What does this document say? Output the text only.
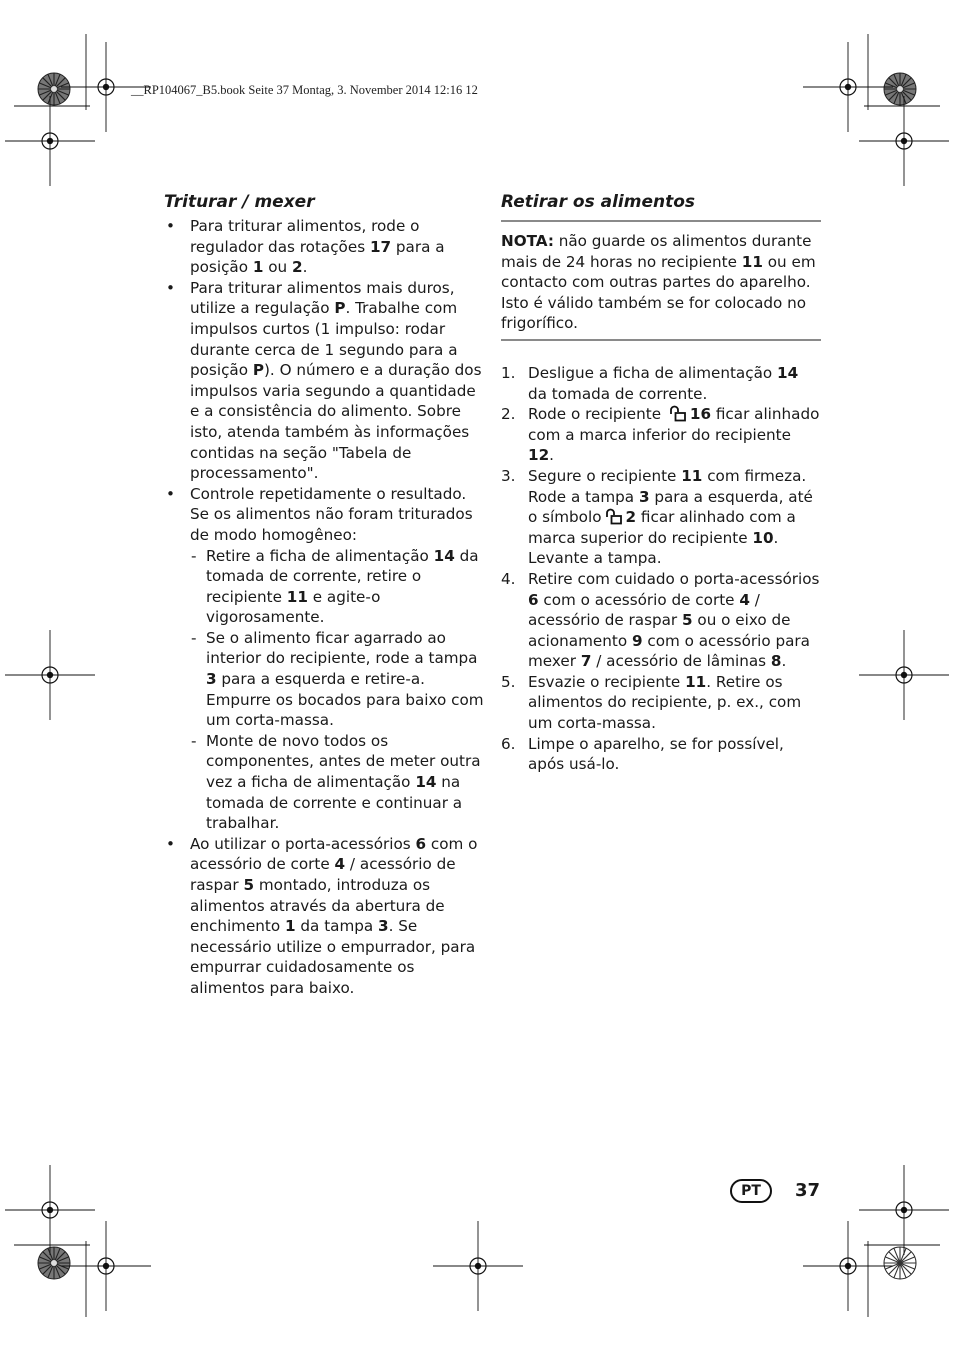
__RP104067_B5.book Seite 37 Montag, 3. November 2014 12:16 12
Triturar / mexer
• Para triturar alimentos, rode o regulador das rotações 17 para a posição 1 ou 2.
• Para triturar alimentos mais duros, utilize a regulação P. Trabalhe com impulsos curtos (1 impulso: rodar durante cerca de 1 segundo para a posição P). O número e a duração dos impulsos varia segundo a quantidade e a consistência do alimento. Sobre isto, atenda também às informações contidas na seção "Tabela de processamento".
• Controle repetidamente o resultado. Se os alimentos não foram triturados de modo homogêneo:
- Retire a ficha de alimentação 14 da tomada de corrente, retire o recipiente 11 e agite-o vigorosamente.
- Se o alimento ficar agarrado ao interior do recipiente, rode a tampa 3 para a esquerda e retire-a. Empurre os bocados para baixo com um corta-massa.
- Monte de novo todos os componentes, antes de meter outra vez a ficha de alimentação 14 na tomada de corrente e continuar a trabalhar.
• Ao utilizar o porta-acessórios 6 com o acessório de corte 4 / acessório de raspar 5 montado, introduza os alimentos através da abertura de enchimento 1 da tampa 3. Se necessário utilize o empurrador, para empurrar cuidadosamente os alimentos para baixo.
Retirar os alimentos
NOTA: não guarde os alimentos durante mais de 24 horas no recipiente 11 ou em contacto com outras partes do aparelho. Isto é válido também se for colocado no frigorífico.
1. Desligue a ficha de alimentação 14 da tomada de corrente.
2. Rode o recipiente 16 ficar alinhado com a marca inferior do recipiente 12.
3. Segure o recipiente 11 com firmeza. Rode a tampa 3 para a esquerda, até o símbolo 2 ficar alinhado com a marca superior do recipiente 10. Levante a tampa.
4. Retire com cuidado o porta-acessórios 6 com o acessório de corte 4 / acessório de raspar 5 ou o eixo de acionamento 9 com o acessório para mexer 7 / acessório de lâminas 8.
5. Esvazie o recipiente 11. Retire os alimentos do recipiente, p. ex., com um corta-massa.
6. Limpe o aparelho, se for possível, após usá-lo.
PT	37
